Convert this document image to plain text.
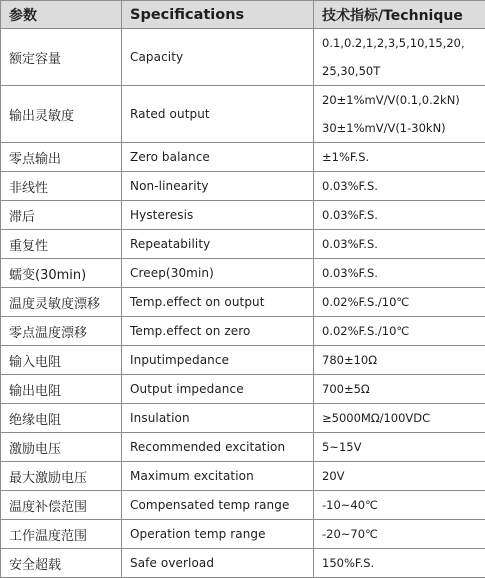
参数	Specifications	技术指标/Technique
额定容量	Capacity	0.1,0.2,1,2,3,5,10,15,20,
25,30,50T

输出灵敏度	Rated output	20±1%mV/V(0.1,0.2kN)
30±1%mV/V(1-30kN)

零点输出	Zero balance	±1%F.S.

非线性	Non-linearity	0.03%F.S.

滞后	Hysteresis	0.03%F.S.

重复性	Repeatability	0.03%F.S.

蠕变(30min)	Creep(30min)	0.03%F.S.

温度灵敏度漂移	Temp.effect on output	0.02%F.S./10℃

零点温度漂移	Temp.effect on zero	0.02%F.S./10℃

输入电阻	Inputimpedance	780±10Ω

输出电阻	Output impedance	700±5Ω

绝缘电阻	Insulation	≥5000MΩ/100VDC

激励电压	Recommended excitation	5~15V

最大激励电压	Maximum excitation	20V

温度补偿范围	Compensated temp range	-10~40℃

工作温度范围	Operation temp range	-20~70℃

安全超载	Safe overload	150%F.S.
